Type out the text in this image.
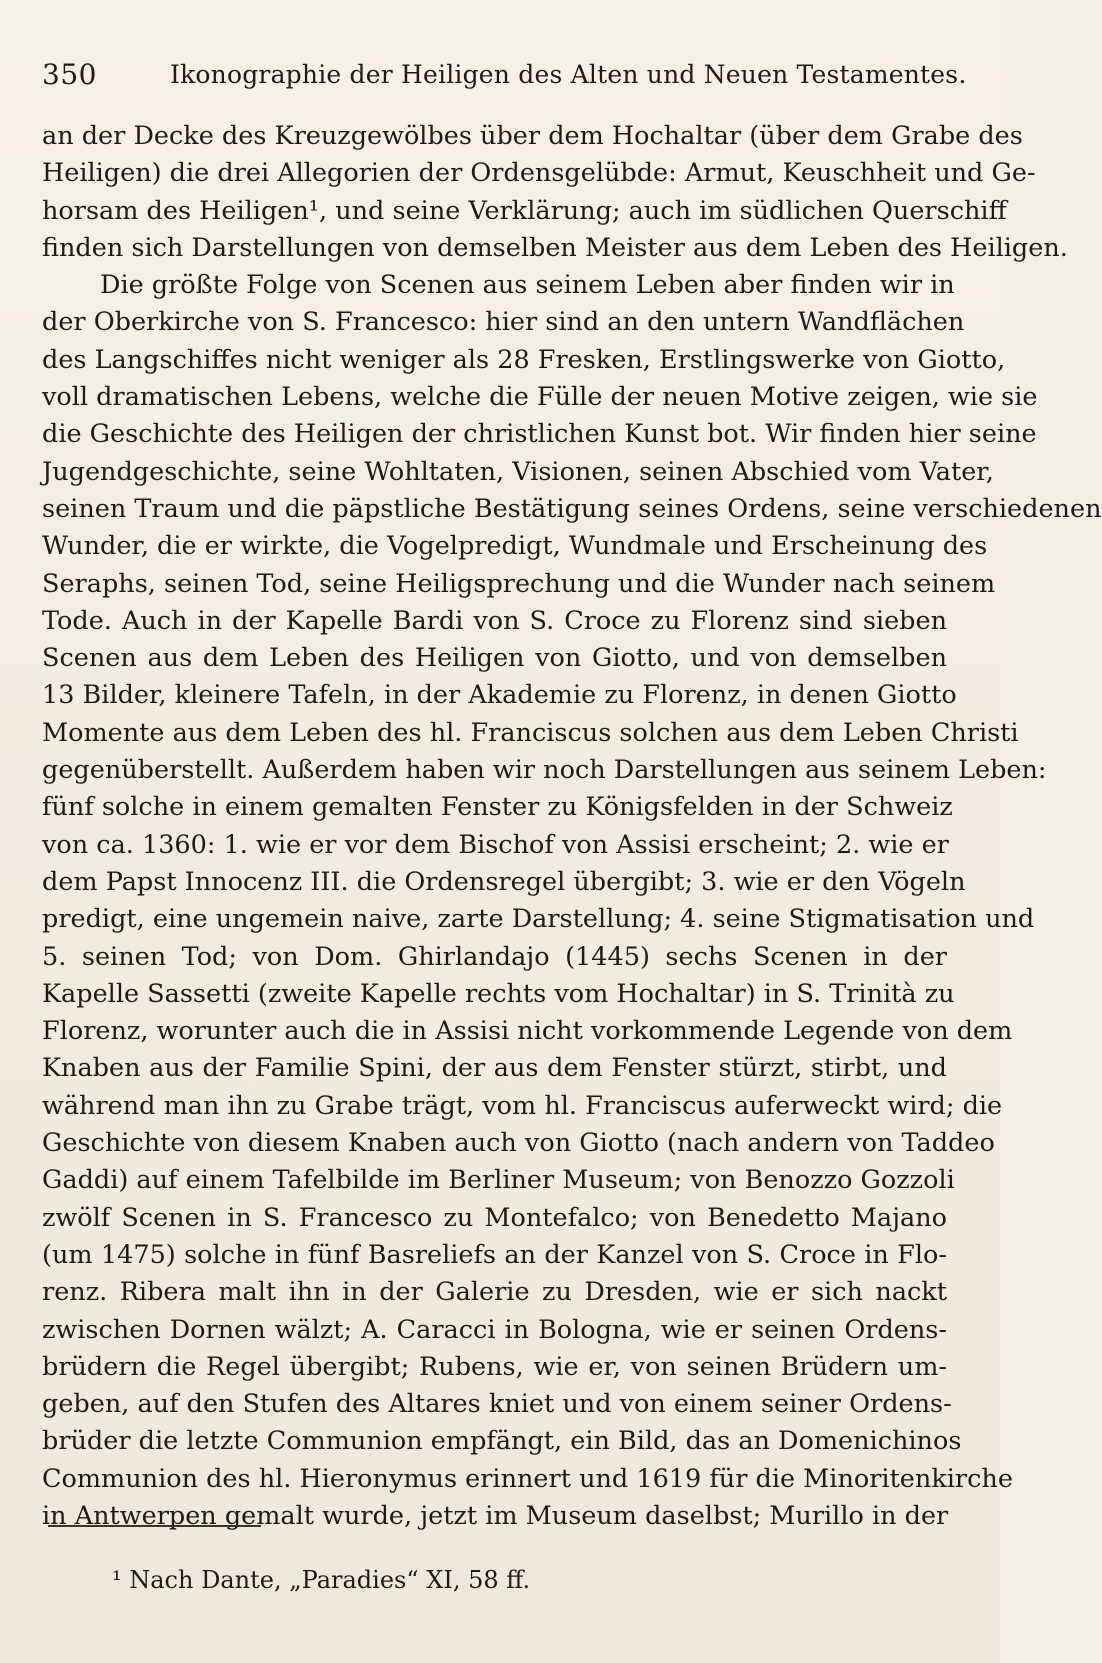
350	Ikonographie der Heiligen des Alten und Neuen Testamentes.
an der Decke des Kreuzgewölbes über dem Hochaltar (über dem Grabe des
Heiligen) die drei Allegorien der Ordensgelübde: Armut, Keuschheit und Ge-
horsam des Heiligen¹, und seine Verklärung; auch im südlichen Querschiff
finden sich Darstellungen von demselben Meister aus dem Leben des Heiligen.
Die größte Folge von Scenen aus seinem Leben aber finden wir in
der Oberkirche von S. Francesco: hier sind an den untern Wandflächen
des Langschiffes nicht weniger als 28 Fresken, Erstlingswerke von Giotto,
voll dramatischen Lebens, welche die Fülle der neuen Motive zeigen, wie sie
die Geschichte des Heiligen der christlichen Kunst bot. Wir finden hier seine
Jugendgeschichte, seine Wohltaten, Visionen, seinen Abschied vom Vater,
seinen Traum und die päpstliche Bestätigung seines Ordens, seine verschiedenen
Wunder, die er wirkte, die Vogelpredigt, Wundmale und Erscheinung des
Seraphs, seinen Tod, seine Heiligsprechung und die Wunder nach seinem
Tode. Auch in der Kapelle Bardi von S. Croce zu Florenz sind sieben
Scenen aus dem Leben des Heiligen von Giotto, und von demselben
13 Bilder, kleinere Tafeln, in der Akademie zu Florenz, in denen Giotto
Momente aus dem Leben des hl. Franciscus solchen aus dem Leben Christi
gegenüberstellt. Außerdem haben wir noch Darstellungen aus seinem Leben:
fünf solche in einem gemalten Fenster zu Königsfelden in der Schweiz
von ca. 1360: 1. wie er vor dem Bischof von Assisi erscheint; 2. wie er
dem Papst Innocenz III. die Ordensregel übergibt; 3. wie er den Vögeln
predigt, eine ungemein naive, zarte Darstellung; 4. seine Stigmatisation und
5. seinen Tod; von Dom. Ghirlandajo (1445) sechs Scenen in der
Kapelle Sassetti (zweite Kapelle rechts vom Hochaltar) in S. Trinità zu
Florenz, worunter auch die in Assisi nicht vorkommende Legende von dem
Knaben aus der Familie Spini, der aus dem Fenster stürzt, stirbt, und
während man ihn zu Grabe trägt, vom hl. Franciscus auferweckt wird; die
Geschichte von diesem Knaben auch von Giotto (nach andern von Taddeo
Gaddi) auf einem Tafelbilde im Berliner Museum; von Benozzo Gozzoli
zwölf Scenen in S. Francesco zu Montefalco; von Benedetto Majano
(um 1475) solche in fünf Basreliefs an der Kanzel von S. Croce in Flo-
renz. Ribera malt ihn in der Galerie zu Dresden, wie er sich nackt
zwischen Dornen wälzt; A. Caracci in Bologna, wie er seinen Ordens-
brüdern die Regel übergibt; Rubens, wie er, von seinen Brüdern um-
geben, auf den Stufen des Altares kniet und von einem seiner Ordens-
brüder die letzte Communion empfängt, ein Bild, das an Domenichinos
Communion des hl. Hieronymus erinnert und 1619 für die Minoritenkirche
in Antwerpen gemalt wurde, jetzt im Museum daselbst; Murillo in der
¹ Nach Dante, „Paradies“ XI, 58 ff.
